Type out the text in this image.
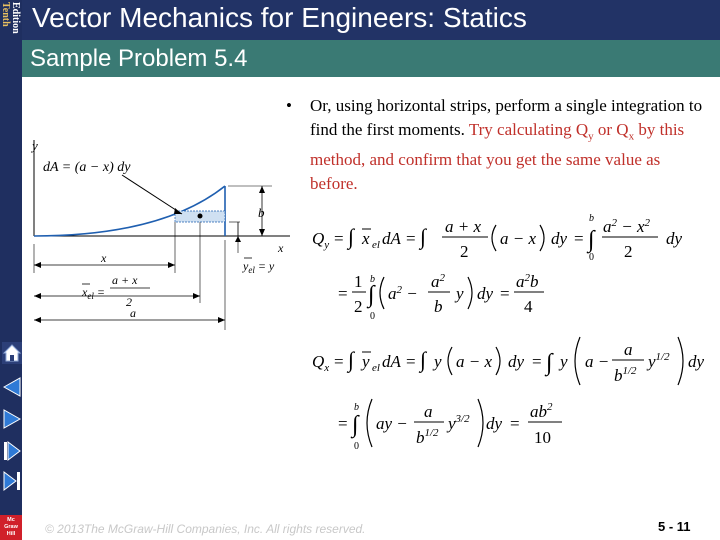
Tenth Edition
Mc
Graw
Hill
Vector Mechanics for Engineers: Statics
Sample Problem 5.4
y
x
dA = (a − x) dy
b
$y_{el} = y$
x
a + x
2
$x_{el}$ =
a
• Or, using horizontal strips, perform a single integration to find the first moments. Try calculating $Q_y$ or $Q_x$ by this method, and confirm that you get the same value as before.
$Q_y$ = ∫ x el dA = ∫ a + x
2
a − x dy = ∫
b
0
$a^2 - x^2$
2
dy
=
1
2 ∫
b
0
$a^2$ −
$a^2$
b
y dy =
$a^2b$
4
$Q_x$ = ∫ y el dA = ∫ y a − x dy = ∫ y a −
a
$b^{1/2}$ $y^{1/2}$ dy
= ∫
b
0
ay −
a
$b^{1/2}$ $y^{3/2}$ dy =
$ab^2$
10
© 2013The McGraw-Hill Companies, Inc. All rights reserved.	5 - 11
